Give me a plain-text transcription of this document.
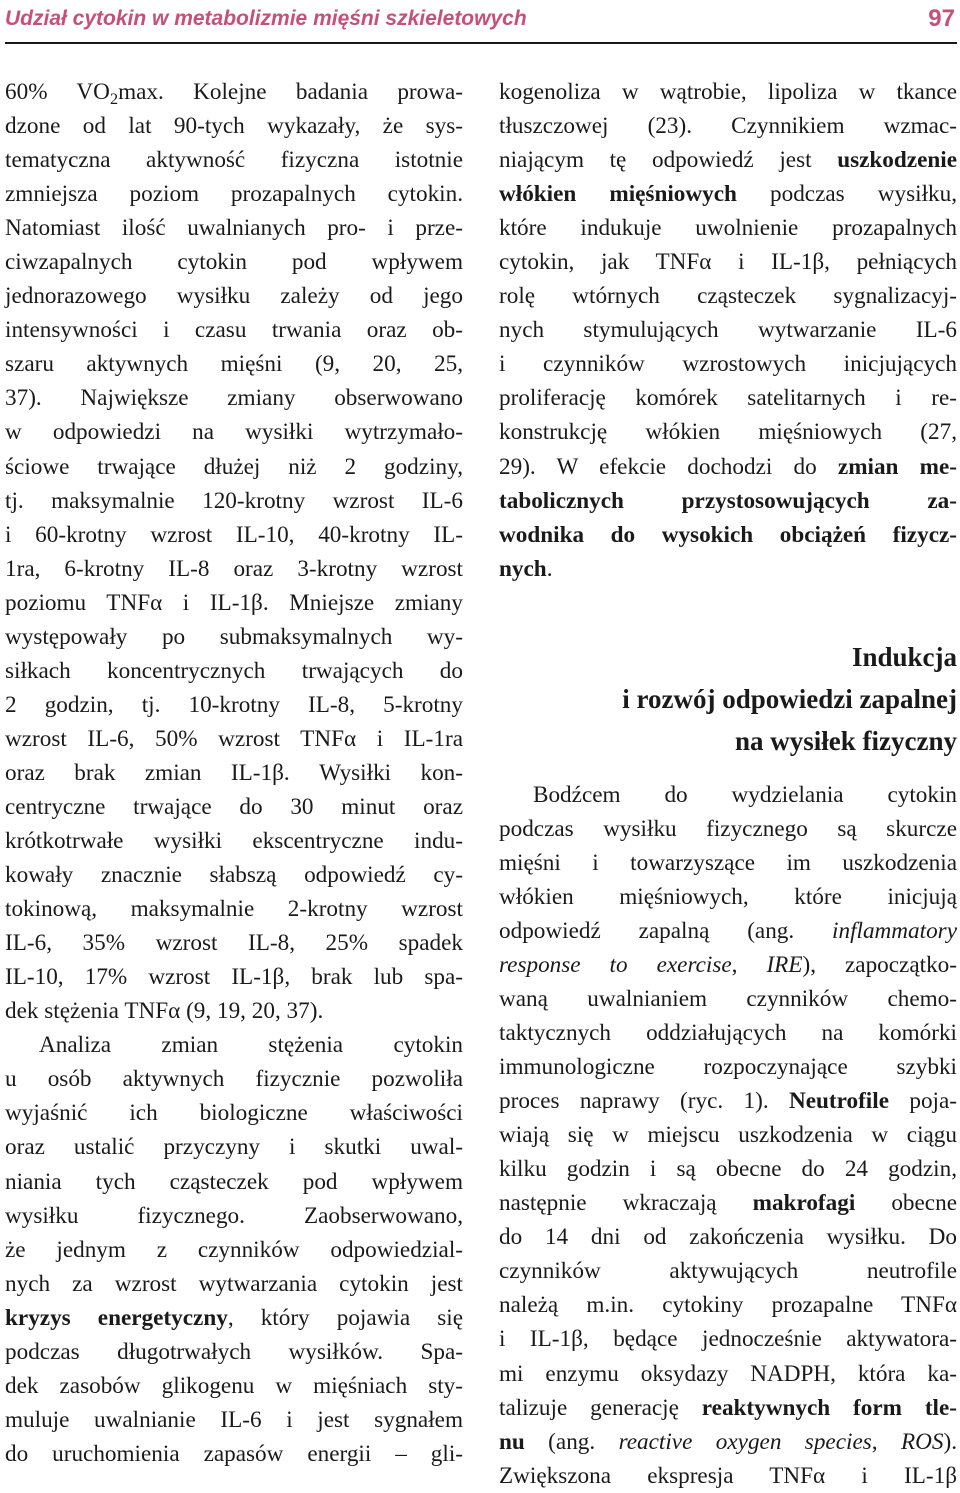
Udział cytokin w metabolizmie mięśni szkieletowych	97
60% $VO_2\max$. Kolejne badania prowa-
dzone od lat 90-tych wykazały, że sys-
tematyczna aktywność fizyczna istotnie
zmniejsza poziom prozapalnych cytokin.
Natomiast ilość uwalnianych pro- i prze-
ciwzapalnych cytokin pod wpływem
jednorazowego wysiłku zależy od jego
intensywności i czasu trwania oraz ob-
szaru aktywnych mięśni (9, 20, 25,
37). Największe zmiany obserwowano
w odpowiedzi na wysiłki wytrzymało-
ściowe trwające dłużej niż 2 godziny,
tj. maksymalnie 120-krotny wzrost IL-6
i 60-krotny wzrost IL-10, 40-krotny IL-
1ra, 6-krotny IL-8 oraz 3-krotny wzrost
poziomu TNFα i IL-1β. Mniejsze zmiany
występowały po submaksymalnych wy-
siłkach koncentrycznych trwających do
2 godzin, tj. 10-krotny IL-8, 5-krotny
wzrost IL-6, 50% wzrost TNFα i IL-1ra
oraz brak zmian IL-1β. Wysiłki kon-
centryczne trwające do 30 minut oraz
krótkotrwałe wysiłki ekscentryczne indu-
kowały znacznie słabszą odpowiedź cy-
tokinową, maksymalnie 2-krotny wzrost
IL-6, 35% wzrost IL-8, 25% spadek
IL-10, 17% wzrost IL-1β, brak lub spa-
dek stężenia TNFα (9, 19, 20, 37).
Analiza zmian stężenia cytokin
u osób aktywnych fizycznie pozwoliła
wyjaśnić ich biologiczne właściwości
oraz ustalić przyczyny i skutki uwal-
niania tych cząsteczek pod wpływem
wysiłku fizycznego. Zaobserwowano,
że jednym z czynników odpowiedzial-
nych za wzrost wytwarzania cytokin jest
kryzys energetyczny, który pojawia się
podczas długotrwałych wysiłków. Spa-
dek zasobów glikogenu w mięśniach sty-
muluje uwalnianie IL-6 i jest sygnałem
do uruchomienia zapasów energii – gli-
kogenoliza w wątrobie, lipoliza w tkance
tłuszczowej (23). Czynnikiem wzmac-
niającym tę odpowiedź jest uszkodzenie
włókien mięśniowych podczas wysiłku,
które indukuje uwolnienie prozapalnych
cytokin, jak TNFα i IL-1β, pełniących
rolę wtórnych cząsteczek sygnalizacyj-
nych stymulujących wytwarzanie IL-6
i czynników wzrostowych inicjujących
proliferację komórek satelitarnych i re-
konstrukcję włókien mięśniowych (27,
29). W efekcie dochodzi do zmian me-
tabolicznych przystosowujących za-
wodnika do wysokich obciążeń fizycz-
nych.
Indukcja
i rozwój odpowiedzi zapalnej
na wysiłek fizyczny
Bodźcem do wydzielania cytokin
podczas wysiłku fizycznego są skurcze
mięśni i towarzyszące im uszkodzenia
włókien mięśniowych, które inicjują
odpowiedź zapalną (ang. inflammatory
response to exercise, IRE), zapoczątko-
waną uwalnianiem czynników chemo-
taktycznych oddziałujących na komórki
immunologiczne rozpoczynające szybki
proces naprawy (ryc. 1). Neutrofile poja-
wiają się w miejscu uszkodzenia w ciągu
kilku godzin i są obecne do 24 godzin,
następnie wkraczają makrofagi obecne
do 14 dni od zakończenia wysiłku. Do
czynników aktywujących neutrofile
należą m.in. cytokiny prozapalne TNFα
i IL-1β, będące jednocześnie aktywatora-
mi enzymu oksydazy NADPH, która ka-
talizuje generację reaktywnych form tle-
nu (ang. reactive oxygen species, ROS).
Zwiększona ekspresja TNFα i IL-1β
